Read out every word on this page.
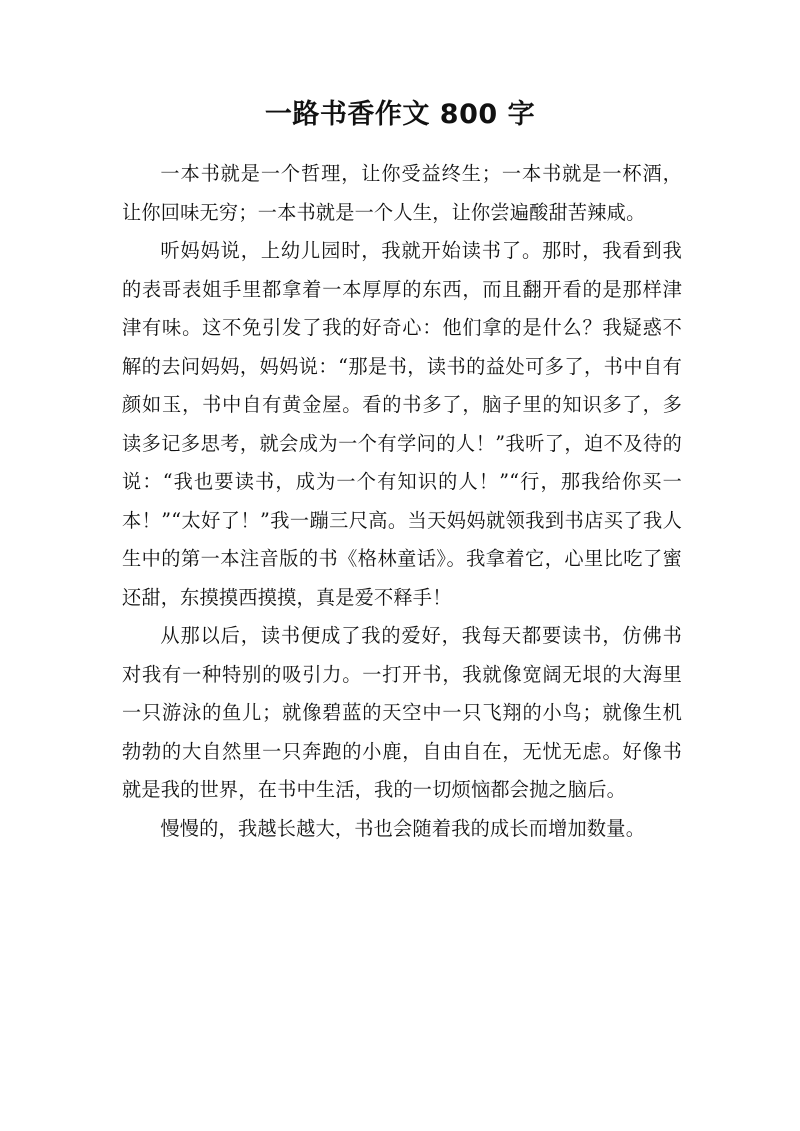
一路书香作文 800 字

一本书就是一个哲理，让你受益终生；一本书就是一杯酒，让你回味无穷；一本书就是一个人生，让你尝遍酸甜苦辣咸。

听妈妈说，上幼儿园时，我就开始读书了。那时，我看到我的表哥表姐手里都拿着一本厚厚的东西，而且翻开看的是那样津津有味。这不免引发了我的好奇心：他们拿的是什么？我疑惑不解的去问妈妈，妈妈说：“那是书，读书的益处可多了，书中自有颜如玉，书中自有黄金屋。看的书多了，脑子里的知识多了，多读多记多思考，就会成为一个有学问的人！”我听了，迫不及待的说：“我也要读书，成为一个有知识的人！”“行，那我给你买一本！”“太好了！”我一蹦三尺高。当天妈妈就领我到书店买了我人生中的第一本注音版的书《格林童话》。我拿着它，心里比吃了蜜还甜，东摸摸西摸摸，真是爱不释手！

从那以后，读书便成了我的爱好，我每天都要读书，仿佛书对我有一种特别的吸引力。一打开书，我就像宽阔无垠的大海里一只游泳的鱼儿；就像碧蓝的天空中一只飞翔的小鸟；就像生机勃勃的大自然里一只奔跑的小鹿，自由自在，无忧无虑。好像书就是我的世界，在书中生活，我的一切烦恼都会抛之脑后。

慢慢的，我越长越大，书也会随着我的成长而增加数量。
